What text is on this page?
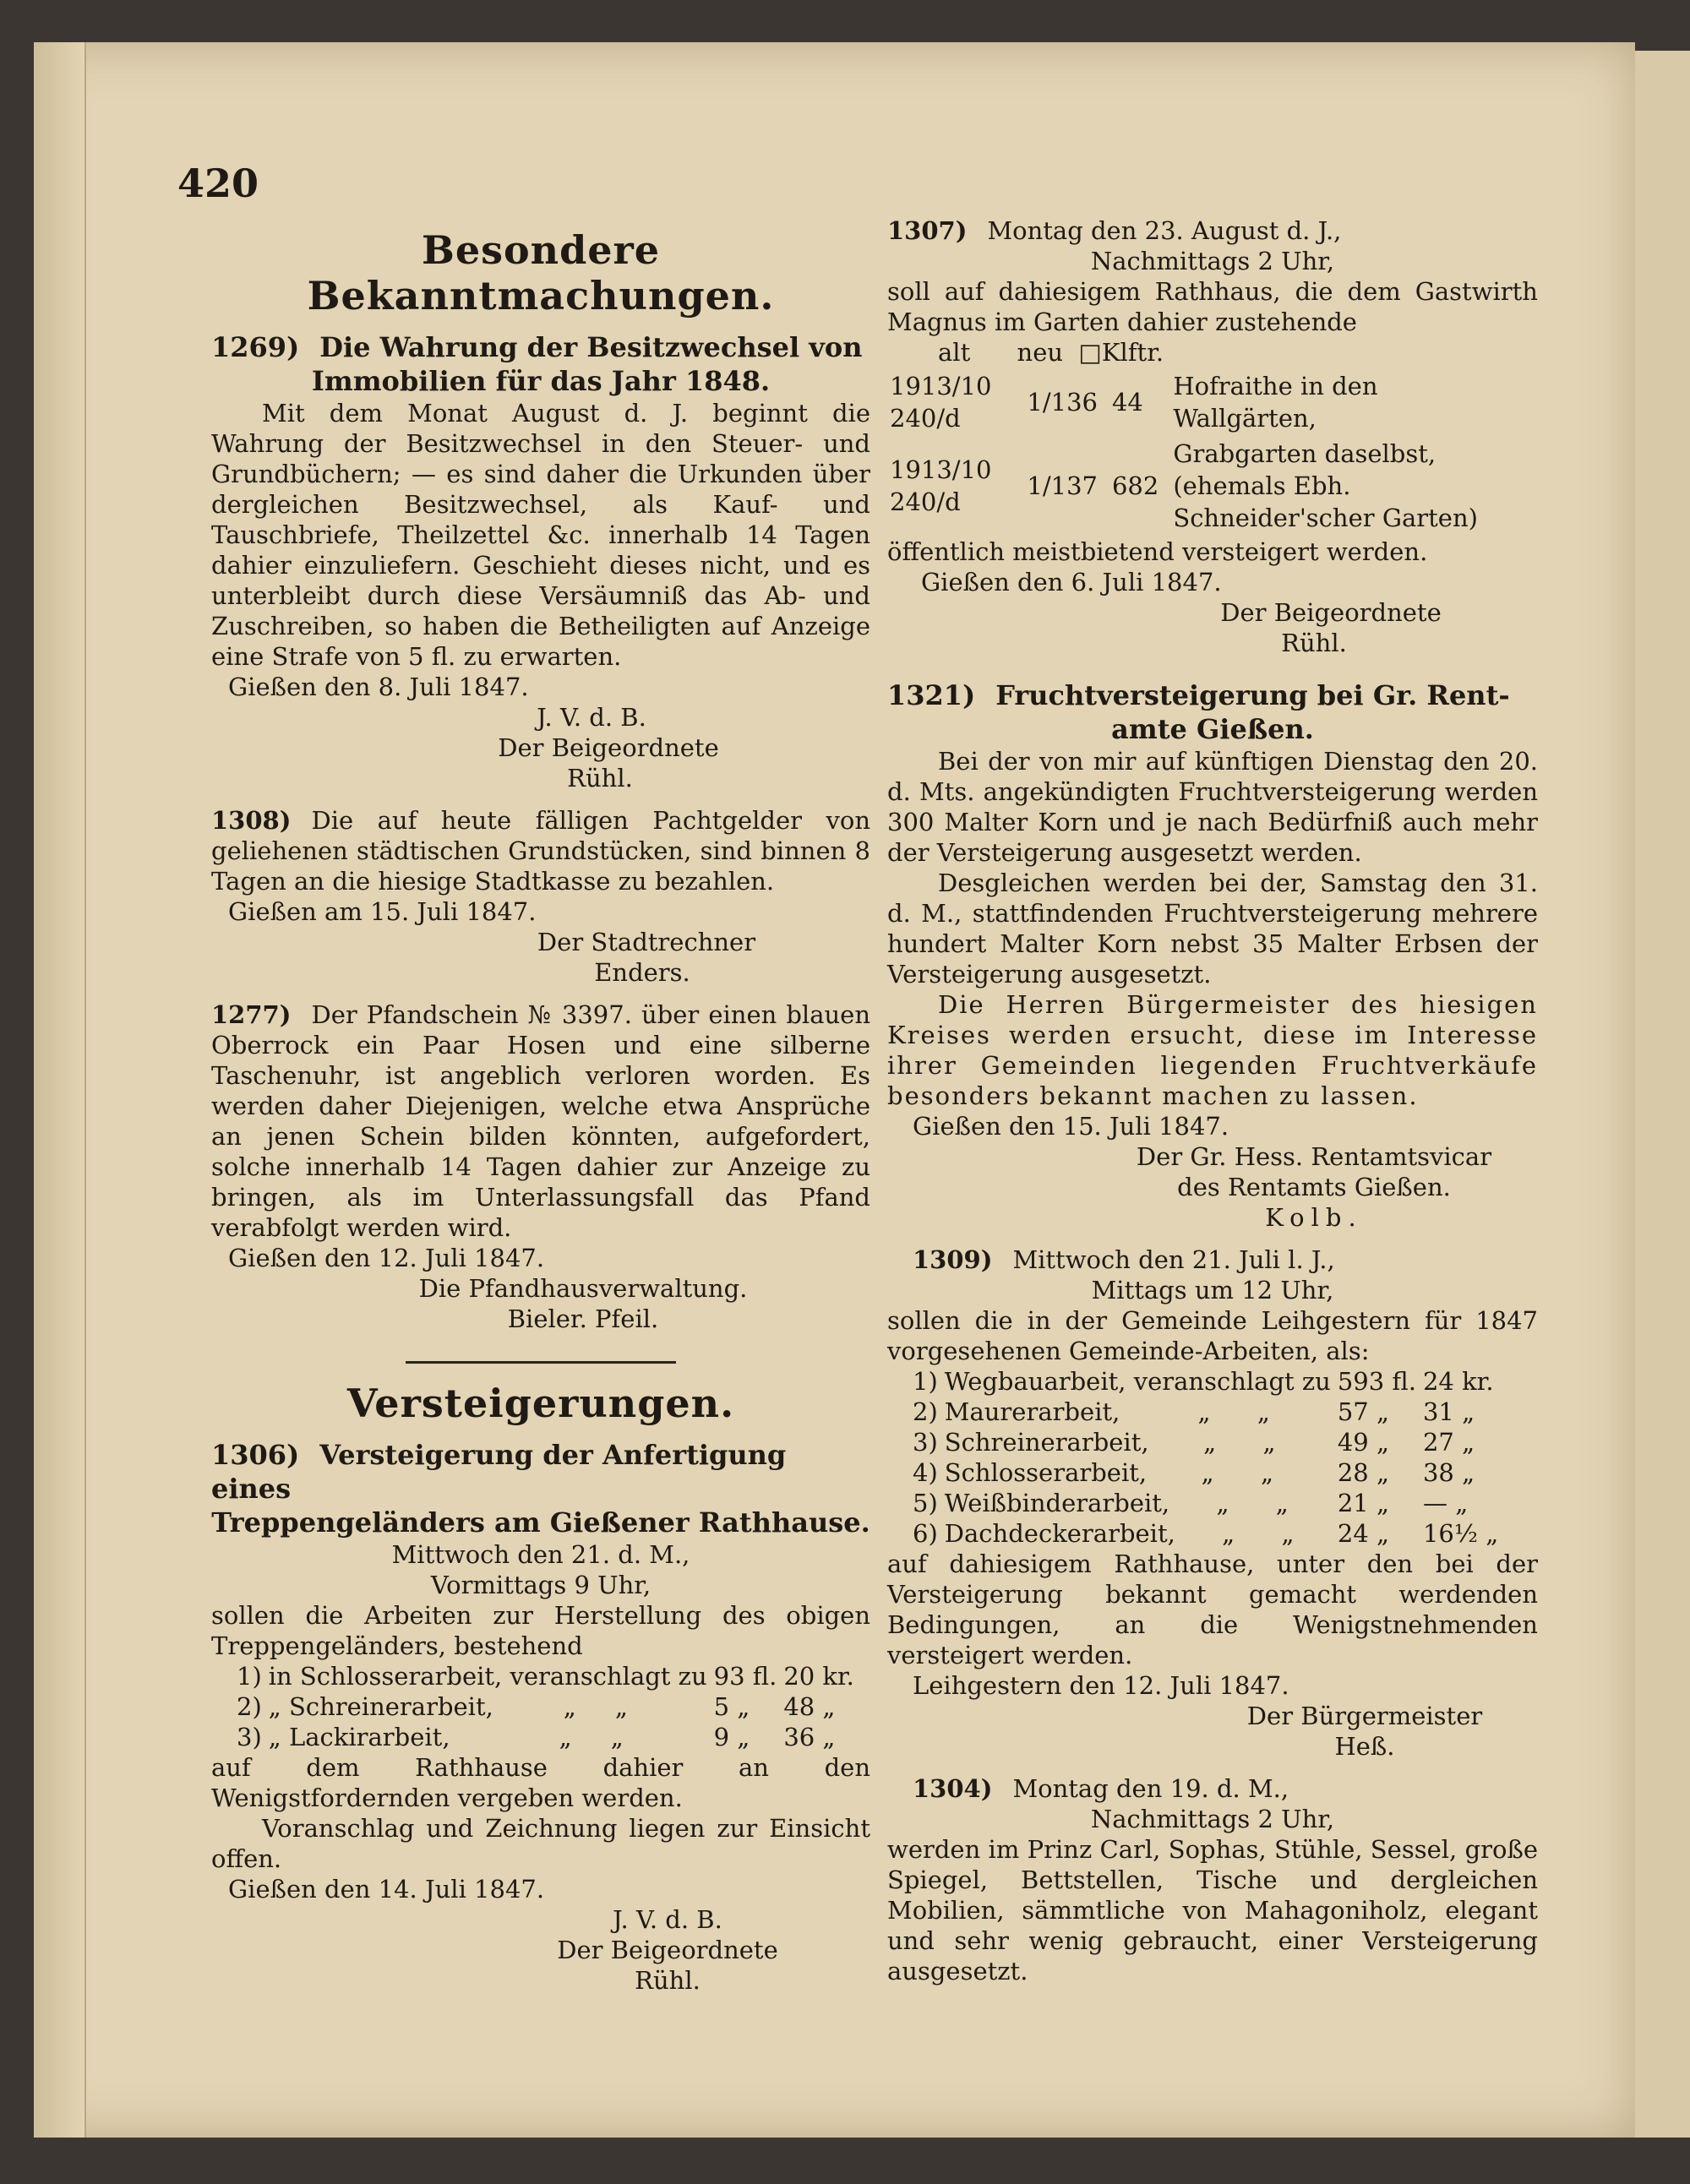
420
Besondere Bekanntmachungen.
1269) Die Wahrung der Besitzwechsel von
Immobilien für das Jahr 1848.

Mit dem Monat August d. J. beginnt die Wahrung der Besitzwechsel in den Steuer- und Grundbüchern; — es sind daher die Urkunden über dergleichen Besitzwechsel, als Kauf- und Tauschbriefe, Theilzettel &c. innerhalb 14 Tagen dahier einzuliefern. Geschieht dieses nicht, und es unterbleibt durch diese Versäumniß das Ab- und Zuschreiben, so haben die Betheiligten auf Anzeige eine Strafe von 5 fl. zu erwarten.

Gießen den 8. Juli 1847.
J. V. d. B.
Der Beigeordnete
Rühl.

1308) Die auf heute fälligen Pachtgelder von geliehenen städtischen Grundstücken, sind binnen 8 Tagen an die hiesige Stadtkasse zu bezahlen.

Gießen am 15. Juli 1847.
Der Stadtrechner
Enders.

1277) Der Pfandschein № 3397. über einen blauen Oberrock ein Paar Hosen und eine silberne Taschenuhr, ist angeblich verloren worden. Es werden daher Diejenigen, welche etwa Ansprüche an jenen Schein bilden könnten, aufgefordert, solche innerhalb 14 Tagen dahier zur Anzeige zu bringen, als im Unterlassungsfall das Pfand verabfolgt werden wird.

Gießen den 12. Juli 1847.
Die Pfandhausverwaltung.
Bieler. Pfeil.
Versteigerungen.
1306) Versteigerung der Anfertigung eines
Treppengeländers am Gießener Rathhause.
Mittwoch den 21. d. M.,
Vormittags 9 Uhr,

sollen die Arbeiten zur Herstellung des obigen Treppengeländers, bestehend

1)	in Schlosserarbeit, veranschlagt zu	93 fl.	20 kr.
2)	„ Schreinerarbeit,         „     „	5 „	48 „
3)	„ Lackirarbeit,              „     „	9 „	36 „

auf dem Rathhause dahier an den Wenigstfordernden vergeben werden.

Voranschlag und Zeichnung liegen zur Einsicht offen.

Gießen den 14. Juli 1847.
J. V. d. B.
Der Beigeordnete
Rühl.
1307) Montag den 23. August d. J.,
Nachmittags 2 Uhr,

soll auf dahiesigem Rathhaus, die dem Gastwirth Magnus im Garten dahier zustehende

alt      neu  □Klftr.
1913/10 240/d	1/136	44	Hofraithe in den Wallgärten,
1913/10 240/d	1/137	682	Grabgarten daselbst, (ehemals Ebh. Schneider'scher Garten)

öffentlich meistbietend versteigert werden.

Gießen den 6. Juli 1847.
Der Beigeordnete
Rühl.
1321) Fruchtversteigerung bei Gr. Rent-
amte Gießen.

Bei der von mir auf künftigen Dienstag den 20. d. Mts. angekündigten Fruchtversteigerung werden 300 Malter Korn und je nach Bedürfniß auch mehr der Versteigerung ausgesetzt werden.

Desgleichen werden bei der, Samstag den 31. d. M., stattfindenden Fruchtversteigerung mehrere hundert Malter Korn nebst 35 Malter Erbsen der Versteigerung ausgesetzt.

Die Herren Bürgermeister des hiesigen Kreises werden ersucht, diese im Interesse ihrer Gemeinden liegenden Fruchtverkäufe besonders bekannt machen zu lassen.

Gießen den 15. Juli 1847.
Der Gr. Hess. Rentamtsvicar
des Rentamts Gießen.
Kolb.
1309) Mittwoch den 21. Juli l. J.,
Mittags um 12 Uhr,

sollen die in der Gemeinde Leihgestern für 1847 vorgesehenen Gemeinde-Arbeiten, als:

1)	Wegbauarbeit, veranschlagt zu	593 fl.	24 kr.
2)	Maurerarbeit,          „      „	57 „	31 „
3)	Schreinerarbeit,       „      „	49 „	27 „
4)	Schlosserarbeit,       „      „	28 „	38 „
5)	Weißbinderarbeit,      „      „	21 „	— „
6)	Dachdeckerarbeit,      „      „	24 „	16½ „

auf dahiesigem Rathhause, unter den bei der Versteigerung bekannt gemacht werdenden Bedingungen, an die Wenigstnehmenden versteigert werden.

Leihgestern den 12. Juli 1847.
Der Bürgermeister
Heß.
1304) Montag den 19. d. M.,
Nachmittags 2 Uhr,

werden im Prinz Carl, Sophas, Stühle, Sessel, große Spiegel, Bettstellen, Tische und dergleichen Mobilien, sämmtliche von Mahagoniholz, elegant und sehr wenig gebraucht, einer Versteigerung ausgesetzt.
